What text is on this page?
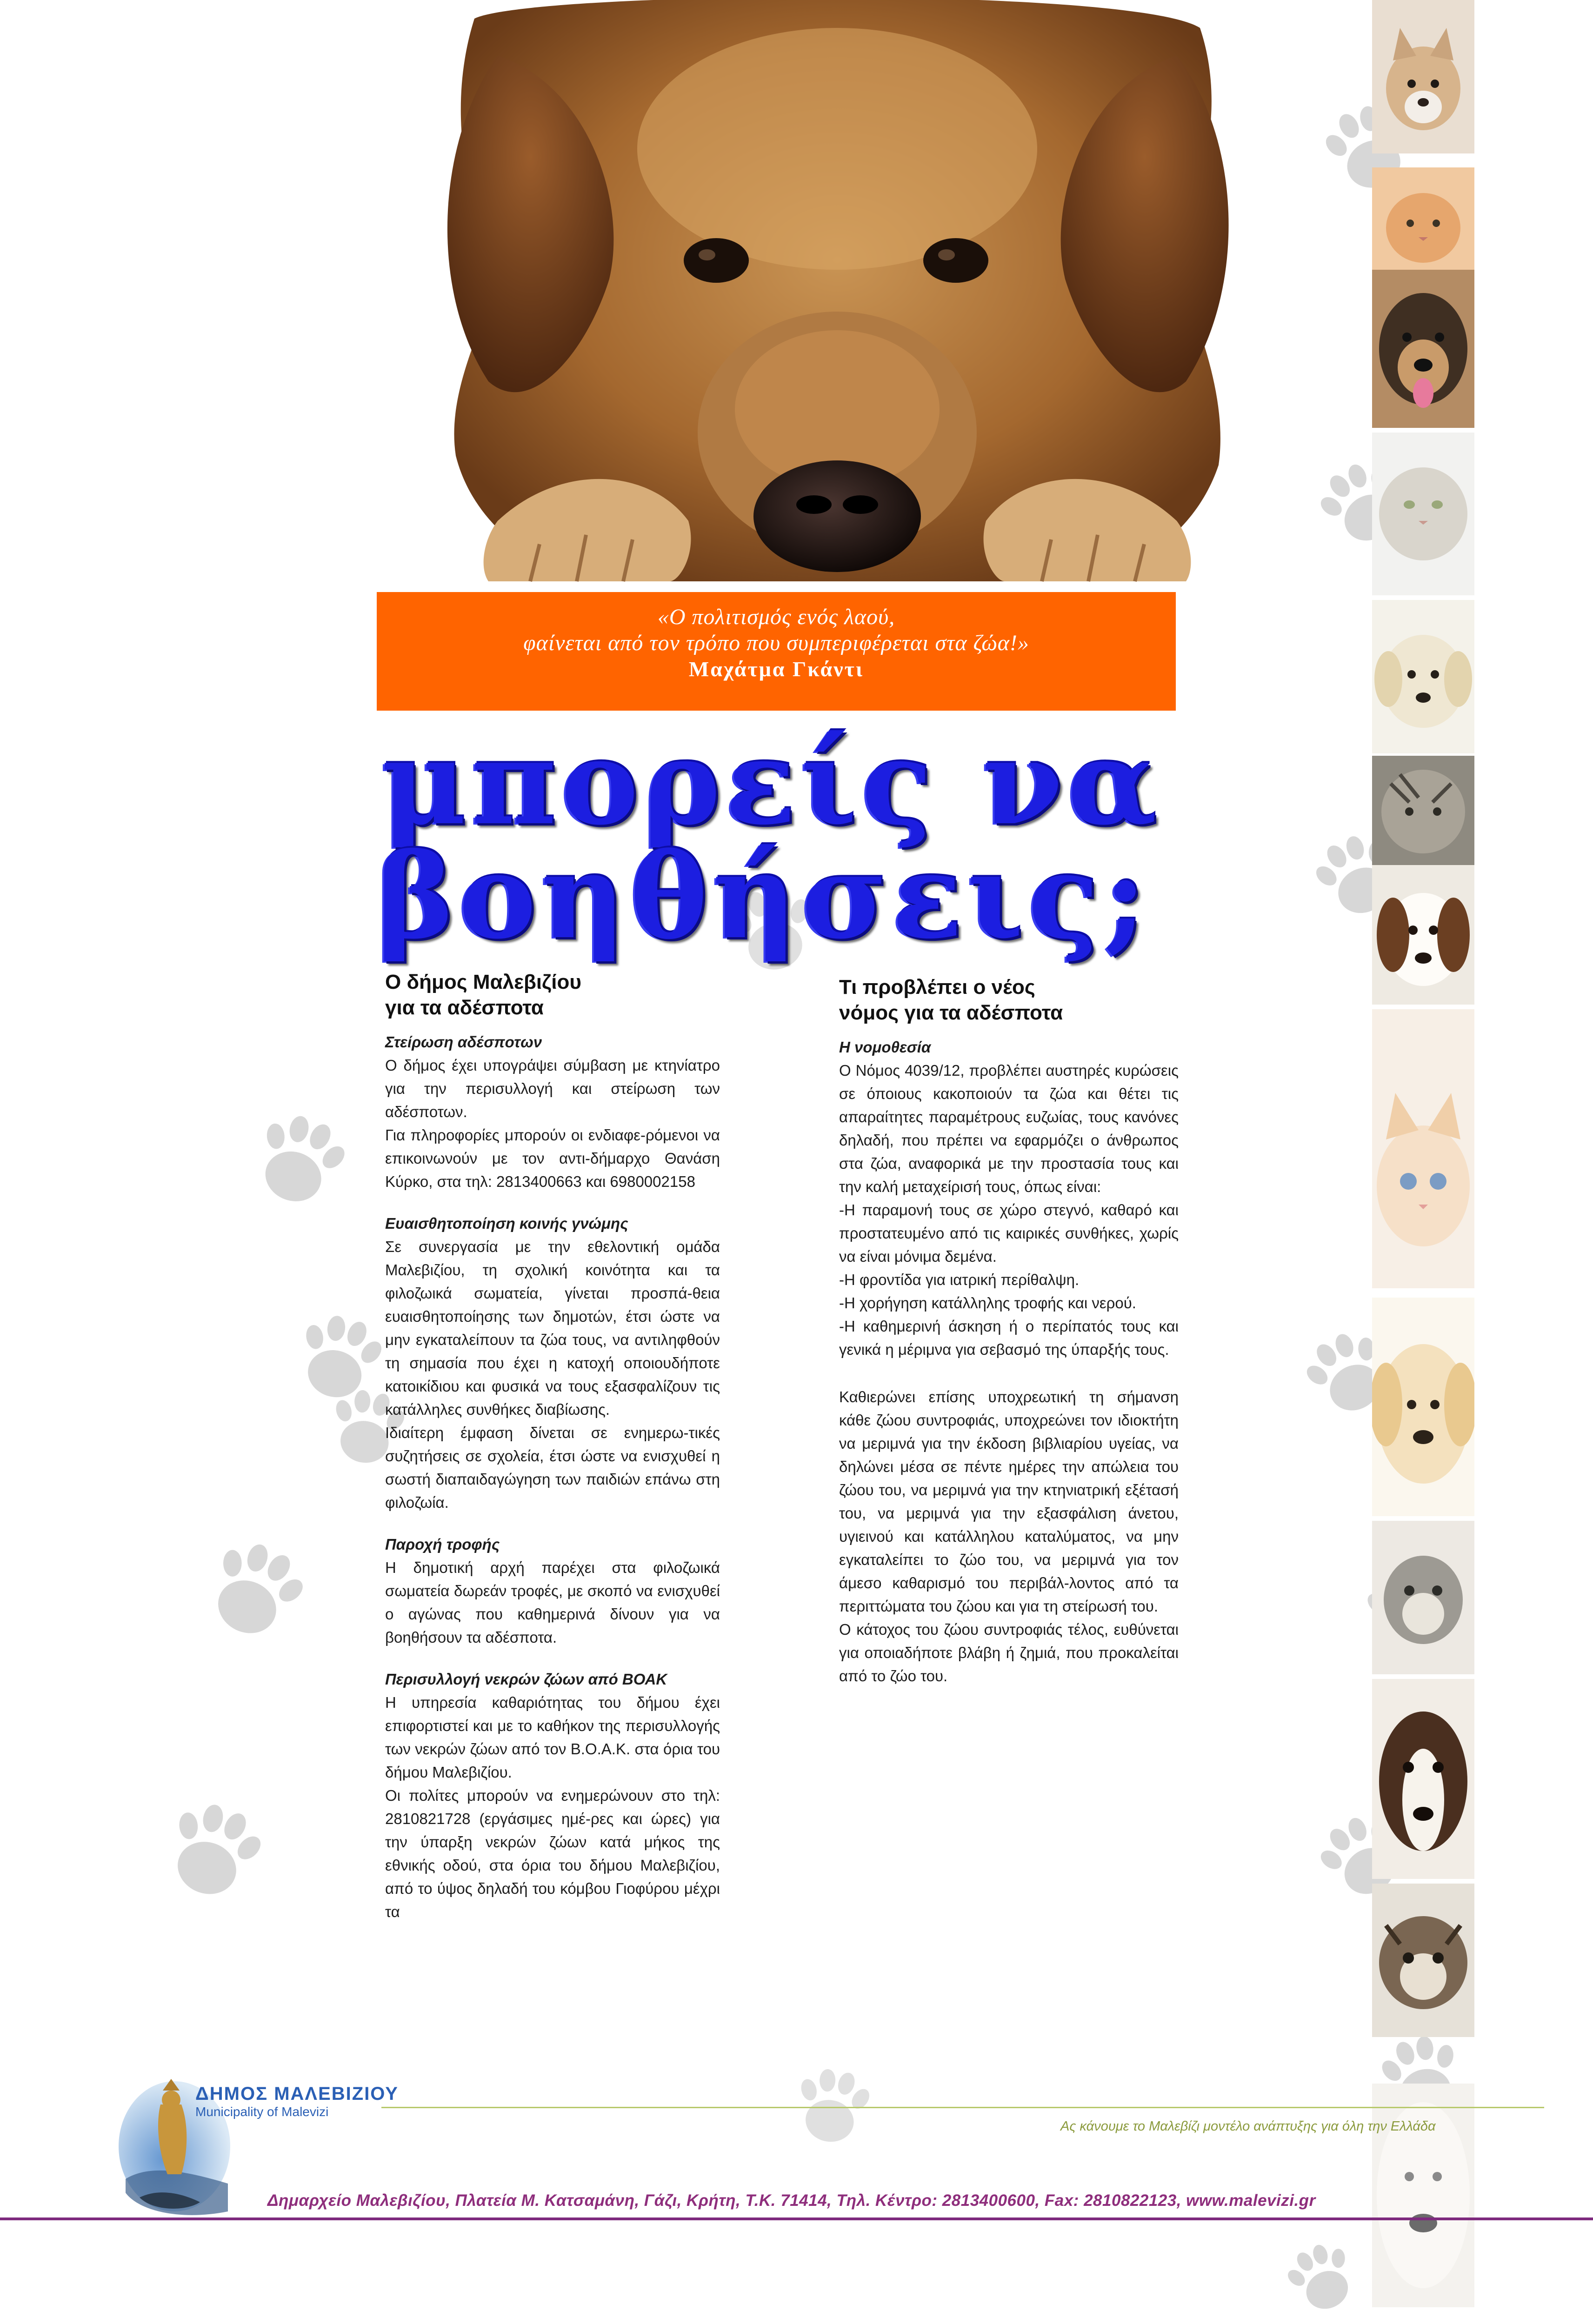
«Ο πολιτισμός ενός λαού,
φαίνεται από τον τρόπο που συμπεριφέρεται στα ζώα!»
Μαχάτμα Γκάντι
μπορείς να
βοηθήσεις;
Ο δήμος Μαλεβιζίου
για τα αδέσποτα
Στείρωση αδέσποτων

Ο δήμος έχει υπογράψει σύμβαση με κτηνίατρο για την περισυλλογή και στείρωση των αδέσποτων.

Για πληροφορίες μπορούν οι ενδιαφε-ρόμενοι να επικοινωνούν με τον αντι-δήμαρχο Θανάση Κύρκο, στα τηλ: 2813400663 και 6980002158

Ευαισθητοποίηση κοινής γνώμης

Σε συνεργασία με την εθελοντική ομάδα Μαλεβιζίου, τη σχολική κοινότητα και τα φιλοζωικά σωματεία, γίνεται προσπά-θεια ευαισθητοποίησης των δημοτών, έτσι ώστε να μην εγκαταλείπουν τα ζώα τους, να αντιληφθούν τη σημασία που έχει η κατοχή οποιουδήποτε κατοικίδιου και φυσικά να τους εξασφαλίζουν τις κατάλληλες συνθήκες διαβίωσης.

Ιδιαίτερη έμφαση δίνεται σε ενημερω-τικές συζητήσεις σε σχολεία, έτσι ώστε να ενισχυθεί η σωστή διαπαιδαγώγηση των παιδιών επάνω στη φιλοζωία.

Παροχή τροφής

Η δημοτική αρχή παρέχει στα φιλοζωικά σωματεία δωρεάν τροφές, με σκοπό να ενισχυθεί ο αγώνας που καθημερινά δίνουν για να βοηθήσουν τα αδέσποτα.

Περισυλλογή νεκρών ζώων από ΒΟΑΚ

Η υπηρεσία καθαριότητας του δήμου έχει επιφορτιστεί και με το καθήκον της περισυλλογής των νεκρών ζώων από τον Β.Ο.Α.Κ. στα όρια του δήμου Μαλεβιζίου.

Οι πολίτες μπορούν να ενημερώνουν στο τηλ: 2810821728 (εργάσιμες ημέ-ρες και ώρες) για την ύπαρξη νεκρών ζώων κατά μήκος της εθνικής οδού, στα όρια του δήμου Μαλεβιζίου, από το ύψος δηλαδή του κόμβου Γιοφύρου μέχρι τα

Τι προβλέπει ο νέος
νόμος για τα αδέσποτα
Η νομοθεσία

Ο Νόμος 4039/12, προβλέπει αυστηρές κυρώσεις σε όποιους κακοποιούν τα ζώα και θέτει τις απαραίτητες παραμέτρους ευζωίας, τους κανόνες δηλαδή, που πρέπει να εφαρμόζει ο άνθρωπος στα ζώα, αναφορικά με την προστασία τους και την καλή μεταχείρισή τους, όπως είναι:

-Η παραμονή τους σε χώρο στεγνό, καθαρό και προστατευμένο από τις καιρικές συνθήκες, χωρίς να είναι μόνιμα δεμένα.

-Η φροντίδα για ιατρική περίθαλψη.

-Η χορήγηση κατάλληλης τροφής και νερού.

-Η καθημερινή άσκηση ή ο περίπατός τους και γενικά η μέριμνα για σεβασμό της ύπαρξής τους.

Καθιερώνει επίσης υποχρεωτική τη σήμανση κάθε ζώου συντροφιάς, υποχρεώνει τον ιδιοκτήτη να μεριμνά για την έκδοση βιβλιαρίου υγείας, να δηλώνει μέσα σε πέντε ημέρες την απώλεια του ζώου του, να μεριμνά για την κτηνιατρική εξέτασή του, να μεριμνά για την εξασφάλιση άνετου, υγιεινού και κατάλληλου καταλύματος, να μην εγκαταλείπει το ζώο του, να μεριμνά για τον άμεσο καθαρισμό του περιβάλ-λοντος από τα περιττώματα του ζώου και για τη στείρωσή του.

Ο κάτοχος του ζώου συντροφιάς τέλος, ευθύνεται για οποιαδήποτε βλάβη ή ζημιά, που προκαλείται από το ζώο του.

ΔΗΜΟΣ ΜΑΛΕΒΙΖΙΟΥ
Municipality of Malevizi
Ας κάνουμε το Μαλεβίζι μοντέλο ανάπτυξης για όλη την Ελλάδα
Δημαρχείο Μαλεβιζίου, Πλατεία Μ. Κατσαμάνη, Γάζι, Κρήτη, Τ.Κ. 71414, Τηλ. Κέντρο: 2813400600, Fax: 2810822123, www.malevizi.gr
